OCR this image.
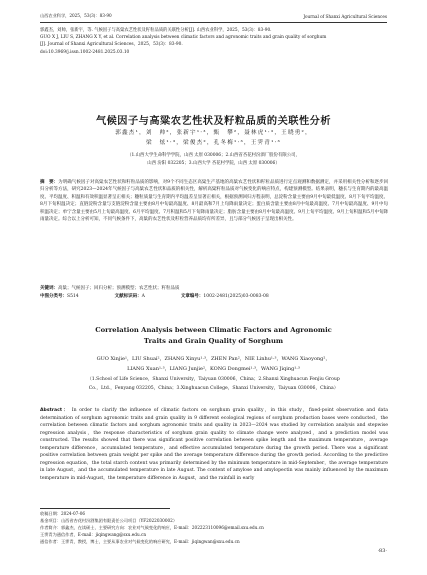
山西农业科学，2025，53(3)：83-90	Journal of Shanxi Agricultural Sciences
郭鑫杰，刘帅，张新宇，等. 气候因子与高粱农艺性状及籽粒品质的关联性分析[J]. 山西农业科学，2025，53(3)：83-90.
GUO X J, LIU S, ZHANG X Y, et al. Correlation analysis between climatic factors and agronomic traits and grain quality of sorghum
[J]. Journal of Shanxi Agricultural Sciences，2025，53(3)：83-90.
doi:10.3969/j.issn.1002-2481.2025.03.10
气候因子与高粱农艺性状及籽粒品质的关联性分析
郭鑫杰¹，刘　帅²，张新宇¹·³，甄　攀²，聂林虎¹·³，王晓勇²，
梁　炫¹·³，梁俊杰²，孔冬梅¹·³，王霁青¹·³
（1.山西大学生命科学学院，山西 太原 030006；2.山西省杏花村汾酒厂股份有限公司，
山西 汾阳 032205；3.山西大学 杏花村学院，山西 太原 030006）
摘　要：为明确气候因子对高粱农艺性状和籽粒品质的影响，对9个不同生态区高粱生产基地的高粱农艺性状和籽粒品质进行定点观测和数据测定，并采用相关性分析和逐步回归分析等方法，研究2023—2024年气候因子与高粱农艺性状和品质的相关性，解析高粱籽粒品质对气候变化的响应特点，构建预测模型。结果表明，穗长与生育期内的最高温度、平均温度、积温和有效积温显著呈正相关；穗粒质量与生育期内平均温差呈显著正相关，根据预测回归方程表明，总淀粉含量主要由9月中旬最低温度、8月下旬平均温度、8月下旬积温决定；直链淀粉含量与支链淀粉含量主要由8月中旬最高温度、8月最高和7月上旬降雨量决定；蛋白质含量主要由8月中旬最高温度、7月中旬最高温度、9月中旬积温决定；单宁含量主要由5月上旬最高温度、6月平均温度、7月积温和5月下旬降雨量决定；脂肪含量主要由8月中旬最高温度、9月上旬平均温度、9月上旬积温和5月中旬降雨量决定。综合以上分析可知，不同气候条件下，高粱的农艺性状及籽粒营养品质均有所差异，且与部分气候因子呈现出相关性。
关键词：高粱；气候因子；回归分析；预测模型；农艺性状；籽粒品质
中图分类号：S514	文献标识码：A	文章编号：1002-2481(2025)03-0083-08
Correlation Analysis between Climatic Factors and Agronomic
Traits and Grain Quality of Sorghum
GUO Xinjie¹，LIU Shuai²，ZHANG Xinyu¹·³，ZHEN Pan²，NIE Linhu¹·³，WANG Xiaoyong²，
LIANG Xuan¹·³，LIANG Junjie²，KONG Dongmei¹·³，WANG Jiqing¹·³
（1.School of Life Science，Shanxi University，Taiyuan 030006，China；2.Shanxi Xinghuacun Fenjiu Group
Co.，Ltd.，Fenyang 032205，China；3.Xinghuacun College，Shanxi University，Taiyuan 030006，China）
Abstract： In order to clarify the influence of climatic factors on sorghum grain quality，in this study，fixed-point observation and data determination of sorghum agronomic traits and grain quality in 9 different ecological regions of sorghum production bases were conducted，the correlation between climatic factors and sorghum agronomic traits and quality in 2023—2024 was studied by correlation analysis and stepwise regression analysis，the response characteristics of sorghum grain quality to climate change were analyzed，and a prediction model was constructed. The results showed that there was significant positive correlation between spike length and the maximum temperature，average temperature difference，accumulated temperature，and effective accumulated temperature during the growth period. There was a significant positive correlation between grain weight per spike and the average temperature difference during the growth period. According to the predictive regression equation，the total starch content was primarily determined by the minimum temperature in mid-September，the average temperature in late August，and the accumulated temperature in late August. The content of amylose and amylopectin was mainly influenced by the maximum temperature in mid-August，the temperature difference in August，and the rainfall in early
收稿日期：2024-07-06
基金项目：山西省杏花村汾酒集团有限责任公司项目（YF2022030002）
作者简介：郭鑫杰，在读硕士，主要研究方向：农业对气候变化的响应，E-mail：202223110096@email.sxu.edu.cn
王霁青为通信作者，E-mail：jiqingwang@sxu.edu.cn
通信作者：王霁青，教授，博士，主要从事农业对气候变化的响应研究，E-mail：jiqingwan@sxu.edu.cn
·83·
